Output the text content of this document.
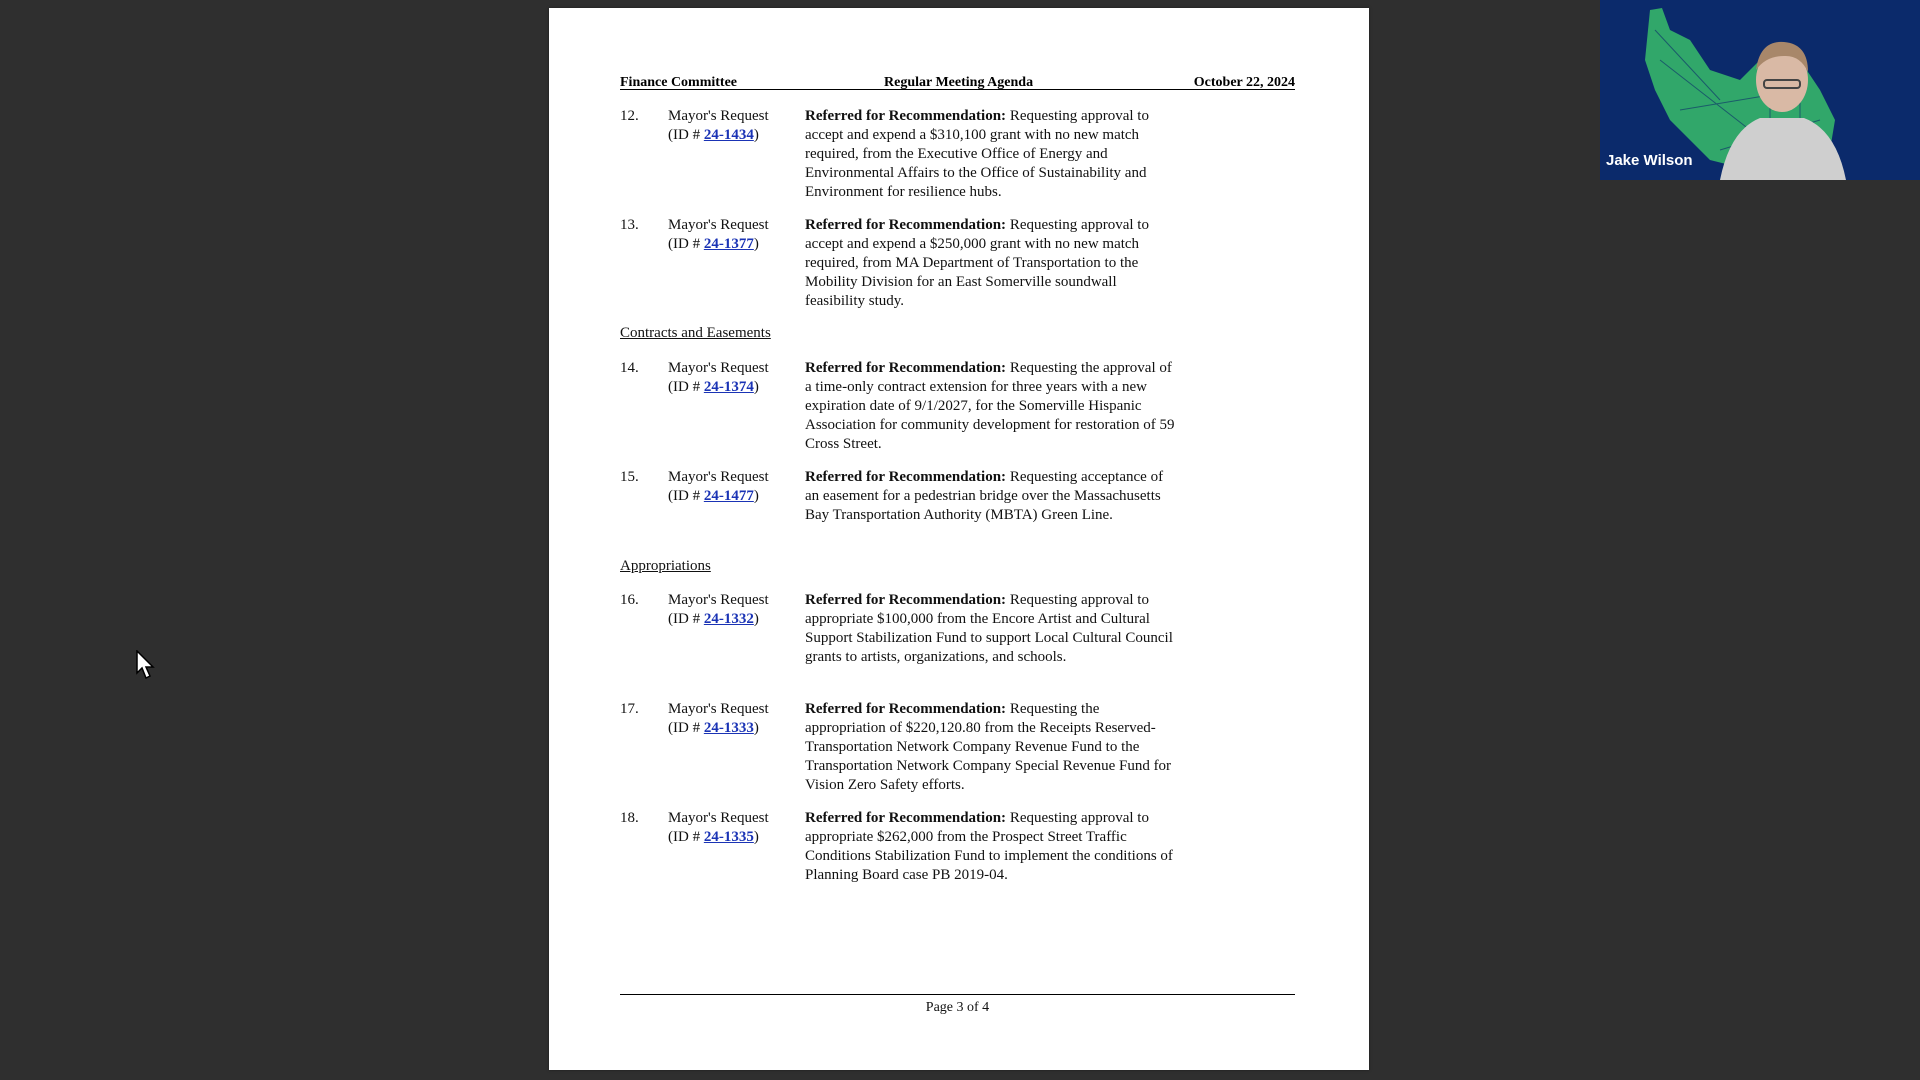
Finance Committee	Regular Meeting Agenda	October 22, 2024
12. Mayor's Request
(ID # 24-1434)
Referred for Recommendation: Requesting approval to accept and expend a $310,100 grant with no new match required, from the Executive Office of Energy and Environmental Affairs to the Office of Sustainability and Environment for resilience hubs.
13. Mayor's Request
(ID # 24-1377)
Referred for Recommendation: Requesting approval to accept and expend a $250,000 grant with no new match required, from MA Department of Transportation to the Mobility Division for an East Somerville soundwall feasibility study.
Contracts and Easements
14. Mayor's Request
(ID # 24-1374)
Referred for Recommendation: Requesting the approval of a time-only contract extension for three years with a new expiration date of 9/1/2027, for the Somerville Hispanic Association for community development for restoration of 59 Cross Street.
15. Mayor's Request
(ID # 24-1477)
Referred for Recommendation: Requesting acceptance of an easement for a pedestrian bridge over the Massachusetts Bay Transportation Authority (MBTA) Green Line.
Appropriations
16. Mayor's Request
(ID # 24-1332)
Referred for Recommendation: Requesting approval to appropriate $100,000 from the Encore Artist and Cultural Support Stabilization Fund to support Local Cultural Council grants to artists, organizations, and schools.
17. Mayor's Request
(ID # 24-1333)
Referred for Recommendation: Requesting the appropriation of $220,120.80 from the Receipts Reserved-Transportation Network Company Revenue Fund to the Transportation Network Company Special Revenue Fund for Vision Zero Safety efforts.
18. Mayor's Request
(ID # 24-1335)
Referred for Recommendation: Requesting approval to appropriate $262,000 from the Prospect Street Traffic Conditions Stabilization Fund to implement the conditions of Planning Board case PB 2019-04.
Page 3 of 4
Jake Wilson
